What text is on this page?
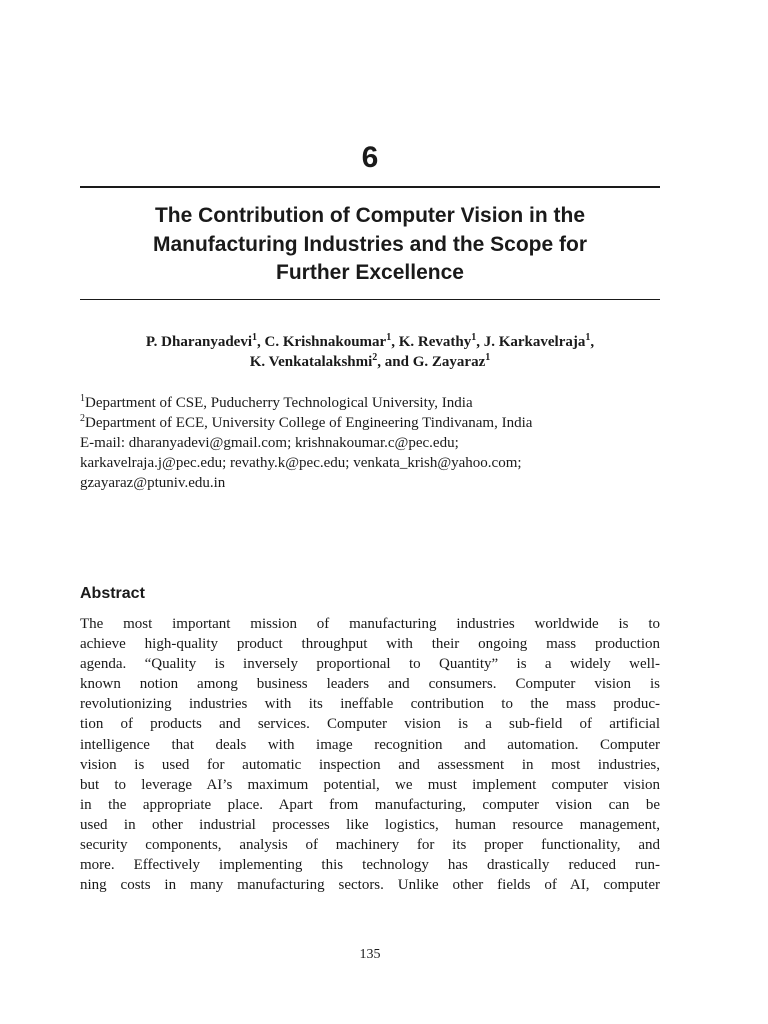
6
The Contribution of Computer Vision in the
Manufacturing Industries and the Scope for
Further Excellence
P. Dharanyadevi$^1$, C. Krishnakoumar$^1$, K. Revathy$^1$, J. Karkavelraja$^1$,
K. Venkatalakshmi$^2$, and G. Zayaraz$^1$
$^1$Department of CSE, Puducherry Technological University, India
$^2$Department of ECE, University College of Engineering Tindivanam, India
E-mail: dharanyadevi@gmail.com; krishnakoumar.c@pec.edu;
karkavelraja.j@pec.edu; revathy.k@pec.edu; venkata_krish@yahoo.com;
gzayaraz@ptuniv.edu.in
Abstract
The most important mission of manufacturing industries worldwide is to
achieve high-quality product throughput with their ongoing mass production
agenda. “Quality is inversely proportional to Quantity” is a widely well-
known notion among business leaders and consumers. Computer vision is
revolutionizing industries with its ineffable contribution to the mass produc-
tion of products and services. Computer vision is a sub-field of artificial
intelligence that deals with image recognition and automation. Computer
vision is used for automatic inspection and assessment in most industries,
but to leverage AI’s maximum potential, we must implement computer vision
in the appropriate place. Apart from manufacturing, computer vision can be
used in other industrial processes like logistics, human resource management,
security components, analysis of machinery for its proper functionality, and
more. Effectively implementing this technology has drastically reduced run-
ning costs in many manufacturing sectors. Unlike other fields of AI, computer
135
